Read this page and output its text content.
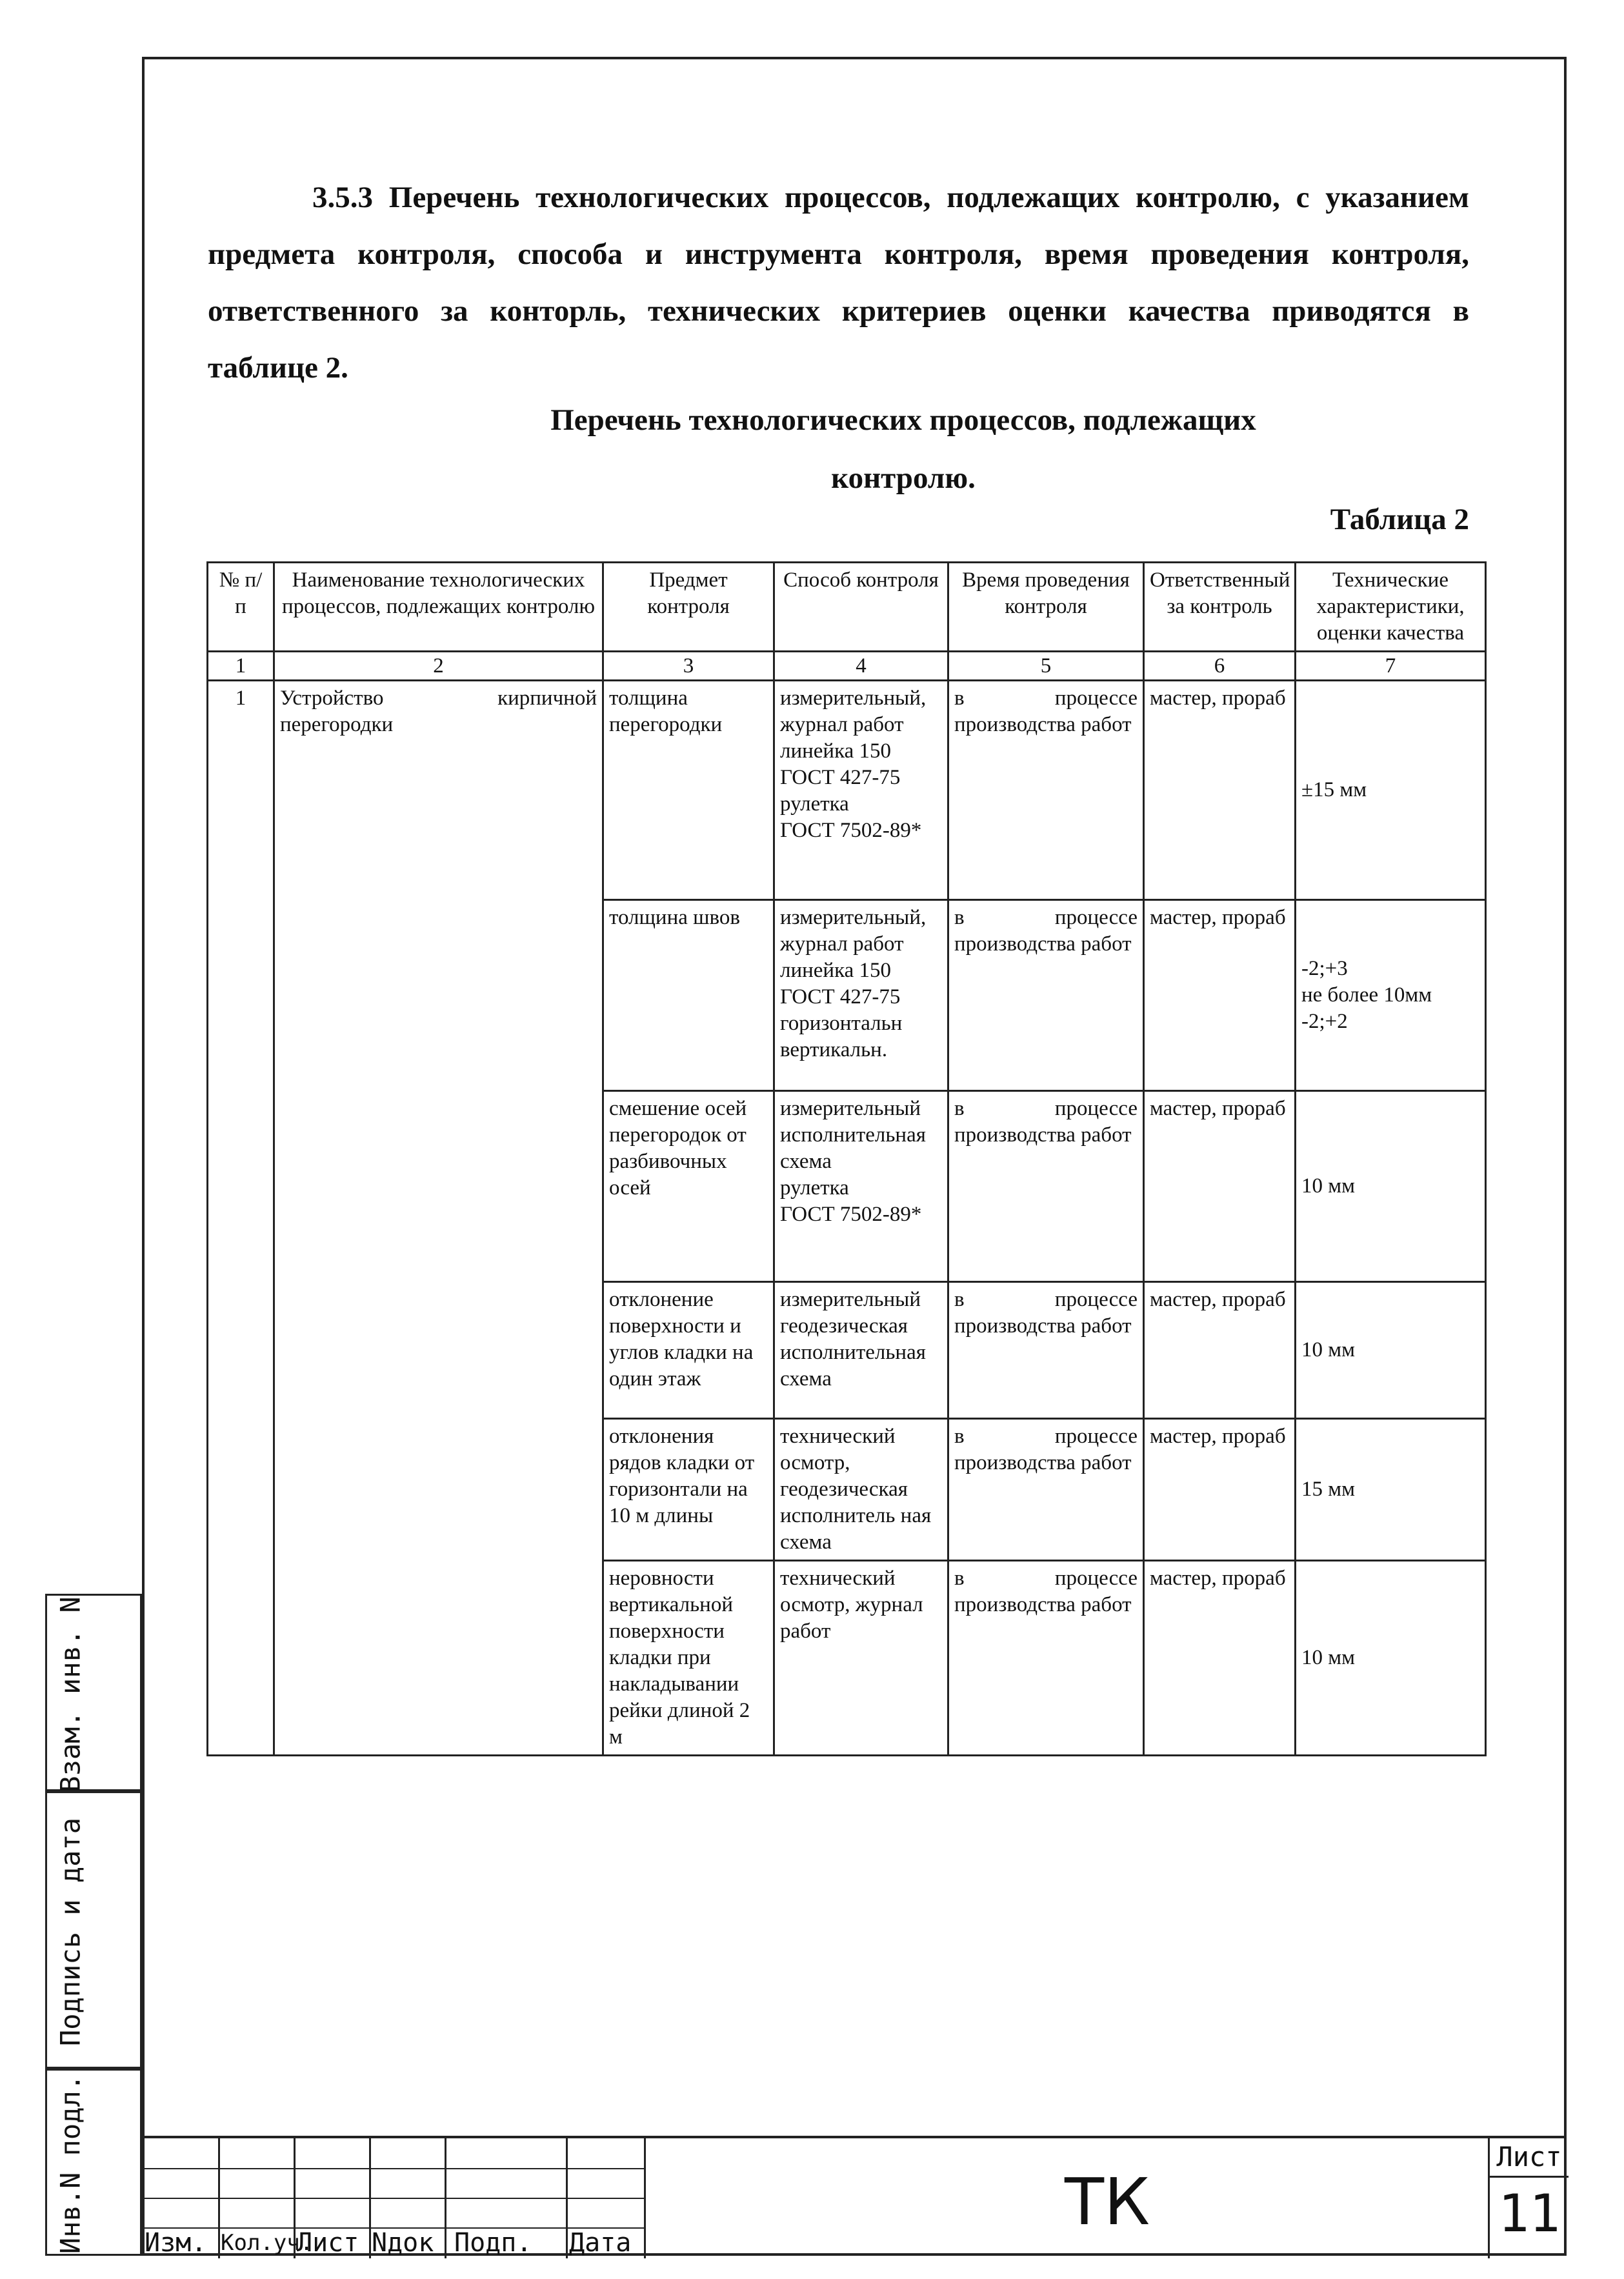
3.5.3 Перечень технологических процессов, подлежащих контролю, с указанием предмета контроля, способа и инструмента контроля, время проведения контроля, ответственного за конторль, технических критериев оценки качества приводятся в таблице 2.
Перечень технологических процессов, подлежащих
контролю.
Таблица 2
№ п/п	Наименование технологических процессов, подлежащих контролю	Предмет контроля	Способ контроля	Время проведения контроля	Ответственный за контроль	Технические характеристики, оценки качества
1	2	3	4	5	6	7
1	Устройство кирпичной перегородки	толщина перегородки	измерительный, журнал работ
линейка 150
ГОСТ 427-75
рулетка
ГОСТ 7502-89*	в процессе производства работ	мастер, прораб	±15 мм

		толщина швов	измерительный, журнал работ
линейка 150
ГОСТ 427-75
горизонтальн
вертикальн.	в процессе производства работ	мастер, прораб	-2;+3
не более 10мм
-2;+2

		смешение осей перегородок от разбивочных осей	измерительный
исполнительная схема
рулетка
ГОСТ 7502-89*	в процессе производства работ	мастер, прораб	10 мм

		отклонение поверхности и углов кладки на один этаж	измерительный
геодезическая исполнительная схема	в процессе производства работ	мастер, прораб	10 мм

		отклонения рядов кладки от горизонтали на 10 м длины	технический осмотр, геодезическая исполнитель ная схема	в процессе производства работ	мастер, прораб	15 мм

		неровности вертикальной поверхности кладки при накладывании рейки длиной 2 м	технический осмотр, журнал работ	в процессе производства работ	мастер, прораб	10 мм
Взам. инв. N
Подпись и дата
Инв.N подл. Изм. Кол.уч.
Лист Nдок Подп. Дата
ТК
Лист
11
